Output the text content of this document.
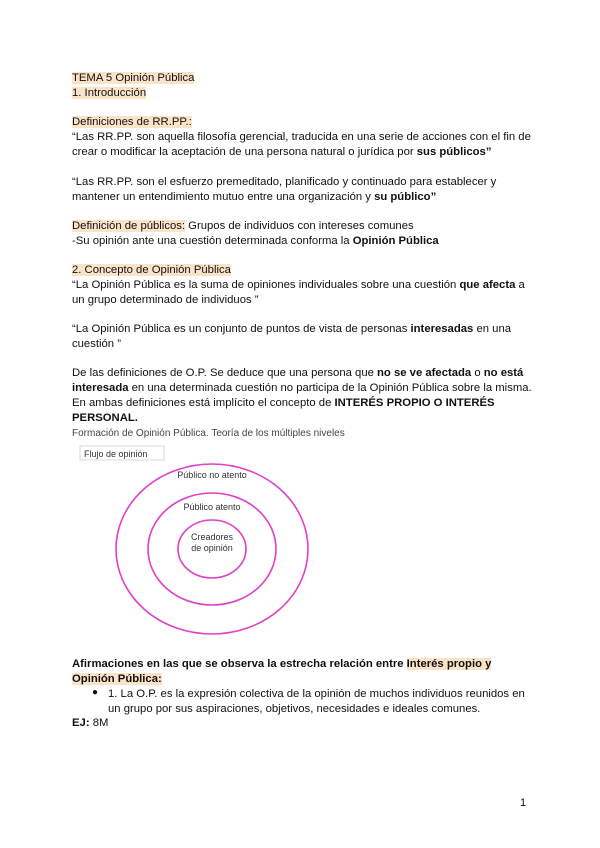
TEMA 5 Opinión Pública
1. Introducción
Definiciones de RR.PP.:
“Las RR.PP. son aquella filosofía gerencial, traducida en una serie de acciones con el fin de
crear o modificar la aceptación de una persona natural o jurídica por sus públicos”
“Las RR.PP. son el esfuerzo premeditado, planificado y continuado para establecer y
mantener un entendimiento mutuo entre una organización y su público”
Definición de públicos: Grupos de individuos con intereses comunes
-Su opinión ante una cuestión determinada conforma la Opinión Pública
2. Concepto de Opinión Pública
“La Opinión Pública es la suma de opiniones individuales sobre una cuestión que afecta a
un grupo determinado de individuos ”
“La Opinión Pública es un conjunto de puntos de vista de personas interesadas en una
cuestión ”
De las definiciones de O.P. Se deduce que una persona que no se ve afectada o no está
interesada en una determinada cuestión no participa de la Opinión Pública sobre la misma.
En ambas definiciones está implícito el concepto de INTERÉS PROPIO O INTERÉS
PERSONAL.
Formación de Opinión Pública. Teoría de los múltiples niveles
Flujo de opinión
Público no atento
Público atento
Creadores
de opinión
Afirmaciones en las que se observa la estrecha relación entre Interés propio y
Opinión Pública:
● 1. La O.P. es la expresión colectiva de la opinión de muchos individuos reunidos en
un grupo por sus aspiraciones, objetivos, necesidades e ideales comunes.
EJ: 8M
1
